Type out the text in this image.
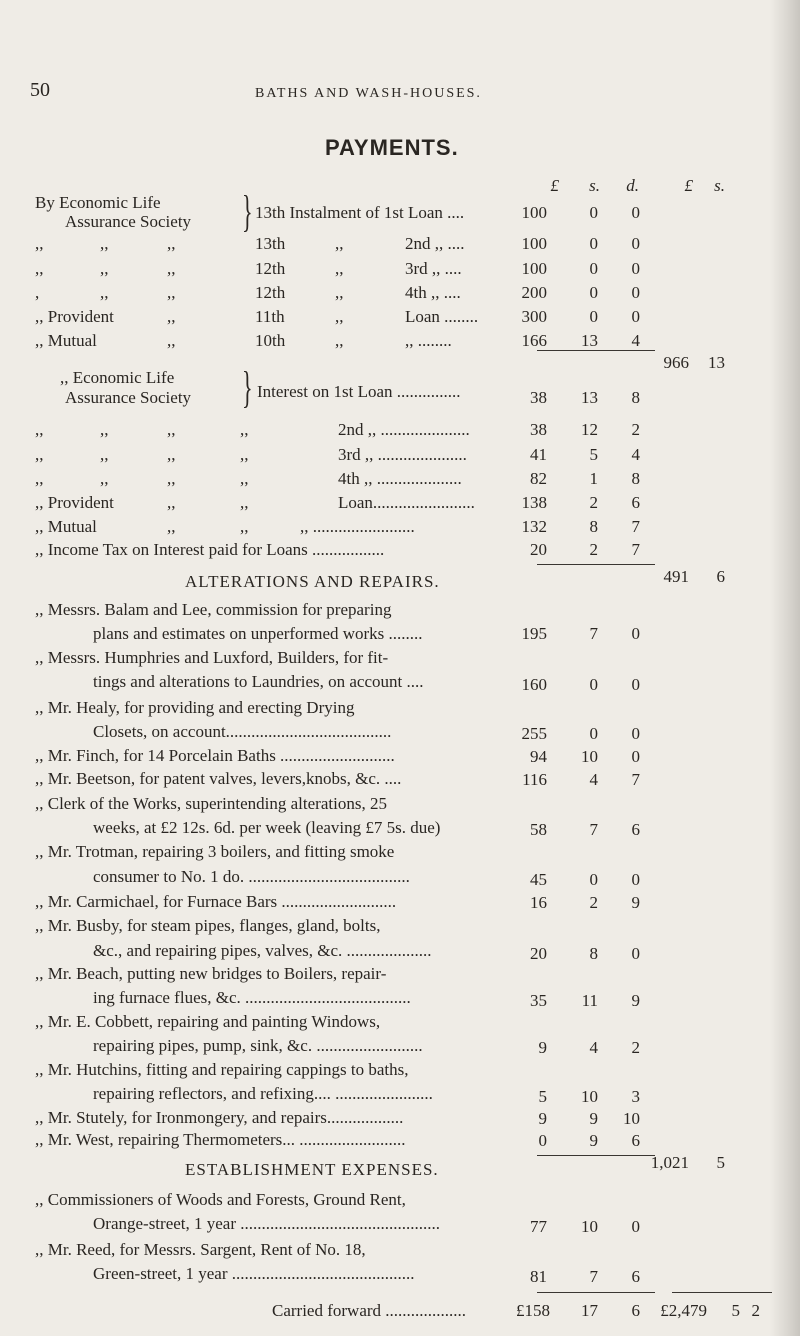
50	BATHS AND WASH-HOUSES.
PAYMENTS.
£ s. d.	£ s.
By Economic Life
Assurance Society } 13th Instalment of 1st Loan ....	100	0 0
,,	,,	,,	13th	,,	2nd ,, ....	100	0 0
,,	,,	,,	12th	,,	3rd ,, ....	100	0 0
,	,,	,,	12th	,,	4th ,, ....	200	0 0
,, Provident	,,	11th	,,	Loan ........	300	0 0
,, Mutual	,,	10th	,,	,, ........	166 13 4
966 13
,, Economic Life
Assurance Society } Interest on 1st Loan ...............	38 13 8
,,	,,	,,	,,	2nd ,, .....................	38 12 2
,,	,,	,,	,,	3rd ,, .....................	41	5 4
,,	,,	,,	,,	4th ,, ....................	82	1 8
,, Provident	,,	,,	Loan........................	138	2 6
,, Mutual	,,	,,	,, ........................	132	8 7
,, Income Tax on Interest paid for Loans .................	20	2 7
491 6
ALTERATIONS AND REPAIRS.
,, Messrs. Balam and Lee, commission for preparing
plans and estimates on unperformed works ........	195	7 0
,, Messrs. Humphries and Luxford, Builders, for fit-
tings and alterations to Laundries, on account ....	160	0 0
,, Mr. Healy, for providing and erecting Drying
Closets, on account.......................................	255	0 0
,, Mr. Finch, for 14 Porcelain Baths ...........................	94 10 0
,, Mr. Beetson, for patent valves, levers,knobs, &c. ....	116	4 7
,, Clerk of the Works, superintending alterations, 25
weeks, at £2 12s. 6d. per week (leaving £7 5s. due)	58	7 6
,, Mr. Trotman, repairing 3 boilers, and fitting smoke
consumer to No. 1 do. ......................................	45	0 0
,, Mr. Carmichael, for Furnace Bars ...........................	16	2 9
,, Mr. Busby, for steam pipes, flanges, gland, bolts,
&c., and repairing pipes, valves, &c. ....................	20	8 0
,, Mr. Beach, putting new bridges to Boilers, repair-
ing furnace flues, &c. .......................................	35 11 9
,, Mr. E. Cobbett, repairing and painting Windows,
repairing pipes, pump, sink, &c. .........................	9	4 2
,, Mr. Hutchins, fitting and repairing cappings to baths,
repairing reflectors, and refixing.... .......................	5 10 3
,, Mr. Stutely, for Ironmongery, and repairs..................	9	9 10
,, Mr. West, repairing Thermometers... .........................	0	9 6
1,021 5
ESTABLISHMENT EXPENSES.
,, Commissioners of Woods and Forests, Ground Rent,
Orange-street, 1 year ...............................................	77 10 0
,, Mr. Reed, for Messrs. Sargent, Rent of No. 18,
Green-street, 1 year ...........................................	81	7 6
Carried forward ...................	£158 17 6 £2,479 5 2
